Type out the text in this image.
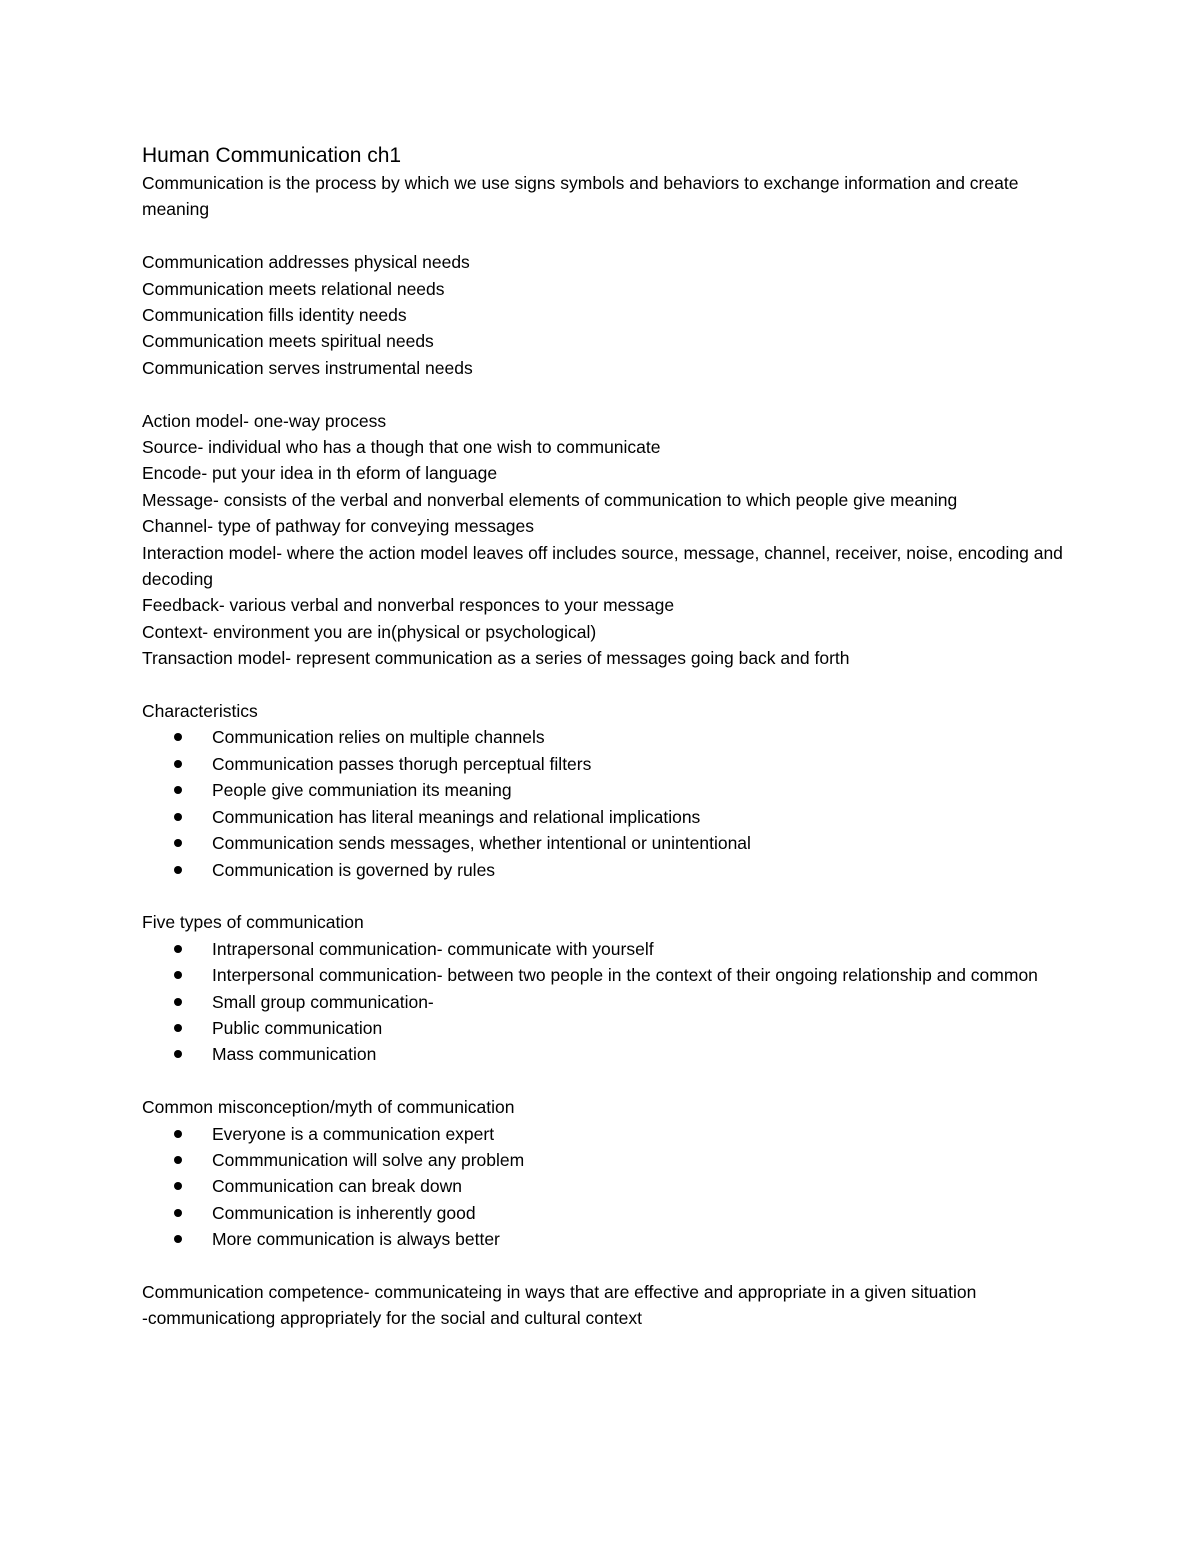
Human Communication ch1

Communication is the process by which we use signs symbols and behaviors to exchange information and create meaning

Communication addresses physical needs

Communication meets relational needs

Communication fills identity needs

Communication meets spiritual needs

Communication serves instrumental needs

Action model- one-way process

Source- individual who has a though that one wish to communicate

Encode- put your idea in th eform of language

Message- consists of the verbal and nonverbal elements of communication to which people give meaning

Channel- type of pathway for conveying messages

Interaction model- where the action model leaves off includes source, message, channel, receiver, noise, encoding and decoding

Feedback- various verbal and nonverbal responces to your message

Context- environment you are in(physical or psychological)

Transaction model- represent communication as a series of messages going back and forth

Characteristics

Communication relies on multiple channels
Communication passes thorugh perceptual filters
People give communiation its meaning
Communication has literal meanings and relational implications
Communication sends messages, whether intentional or unintentional
Communication is governed by rules

Five types of communication

Intrapersonal communication- communicate with yourself
Interpersonal communication- between two people in the context of their ongoing relationship and common
Small group communication-
Public communication
Mass communication

Common misconception/myth of communication

Everyone is a communication expert
Commmunication will solve any problem
Communication can break down
Communication is inherently good
More communication is always better

Communication competence- communicateing in ways that are effective and appropriate in a given situation

-communicationg appropriately for the social and cultural context
